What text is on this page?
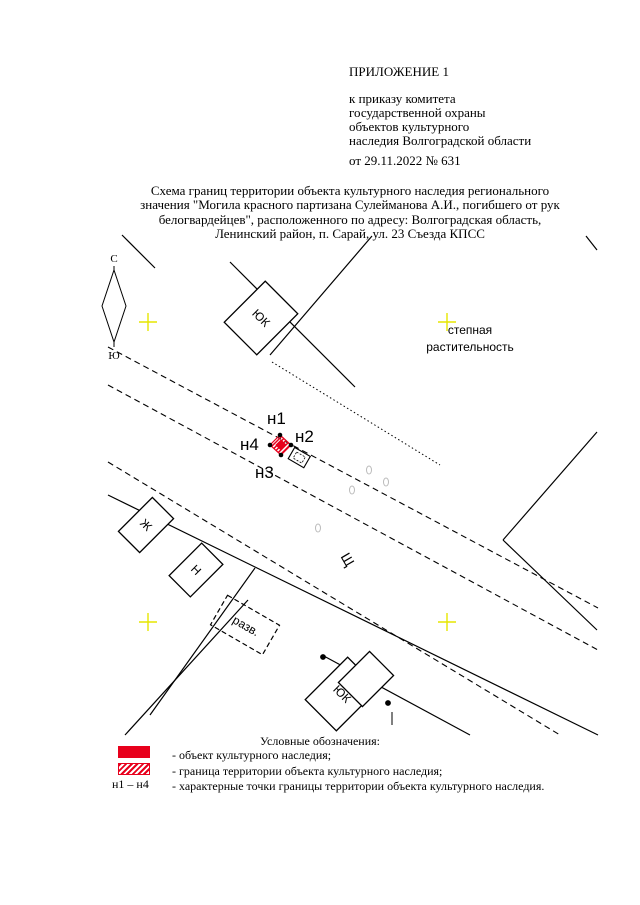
ПРИЛОЖЕНИЕ 1
к приказу комитета
государственной охраны
объектов культурного
наследия Волгоградской области
от 29.11.2022 № 631
Схема границ территории объекта культурного наследия регионального
значения "Могила красного партизана Сулейманова А.И., погибшего от рук
белогвардейцев", расположенного по адресу: Волгоградская область,
Ленинский район, п. Сарай, ул. 23 Съезда КПСС
ЮК
ЮК
Ж
Н
разв.
Щ
степная
растительность
С
Ю
н1
н2
н3
н4
Условные обозначения:
н1 – н4
- объект культурного наследия;
- граница территории объекта культурного наследия;
- характерные точки границы территории объекта культурного наследия.
